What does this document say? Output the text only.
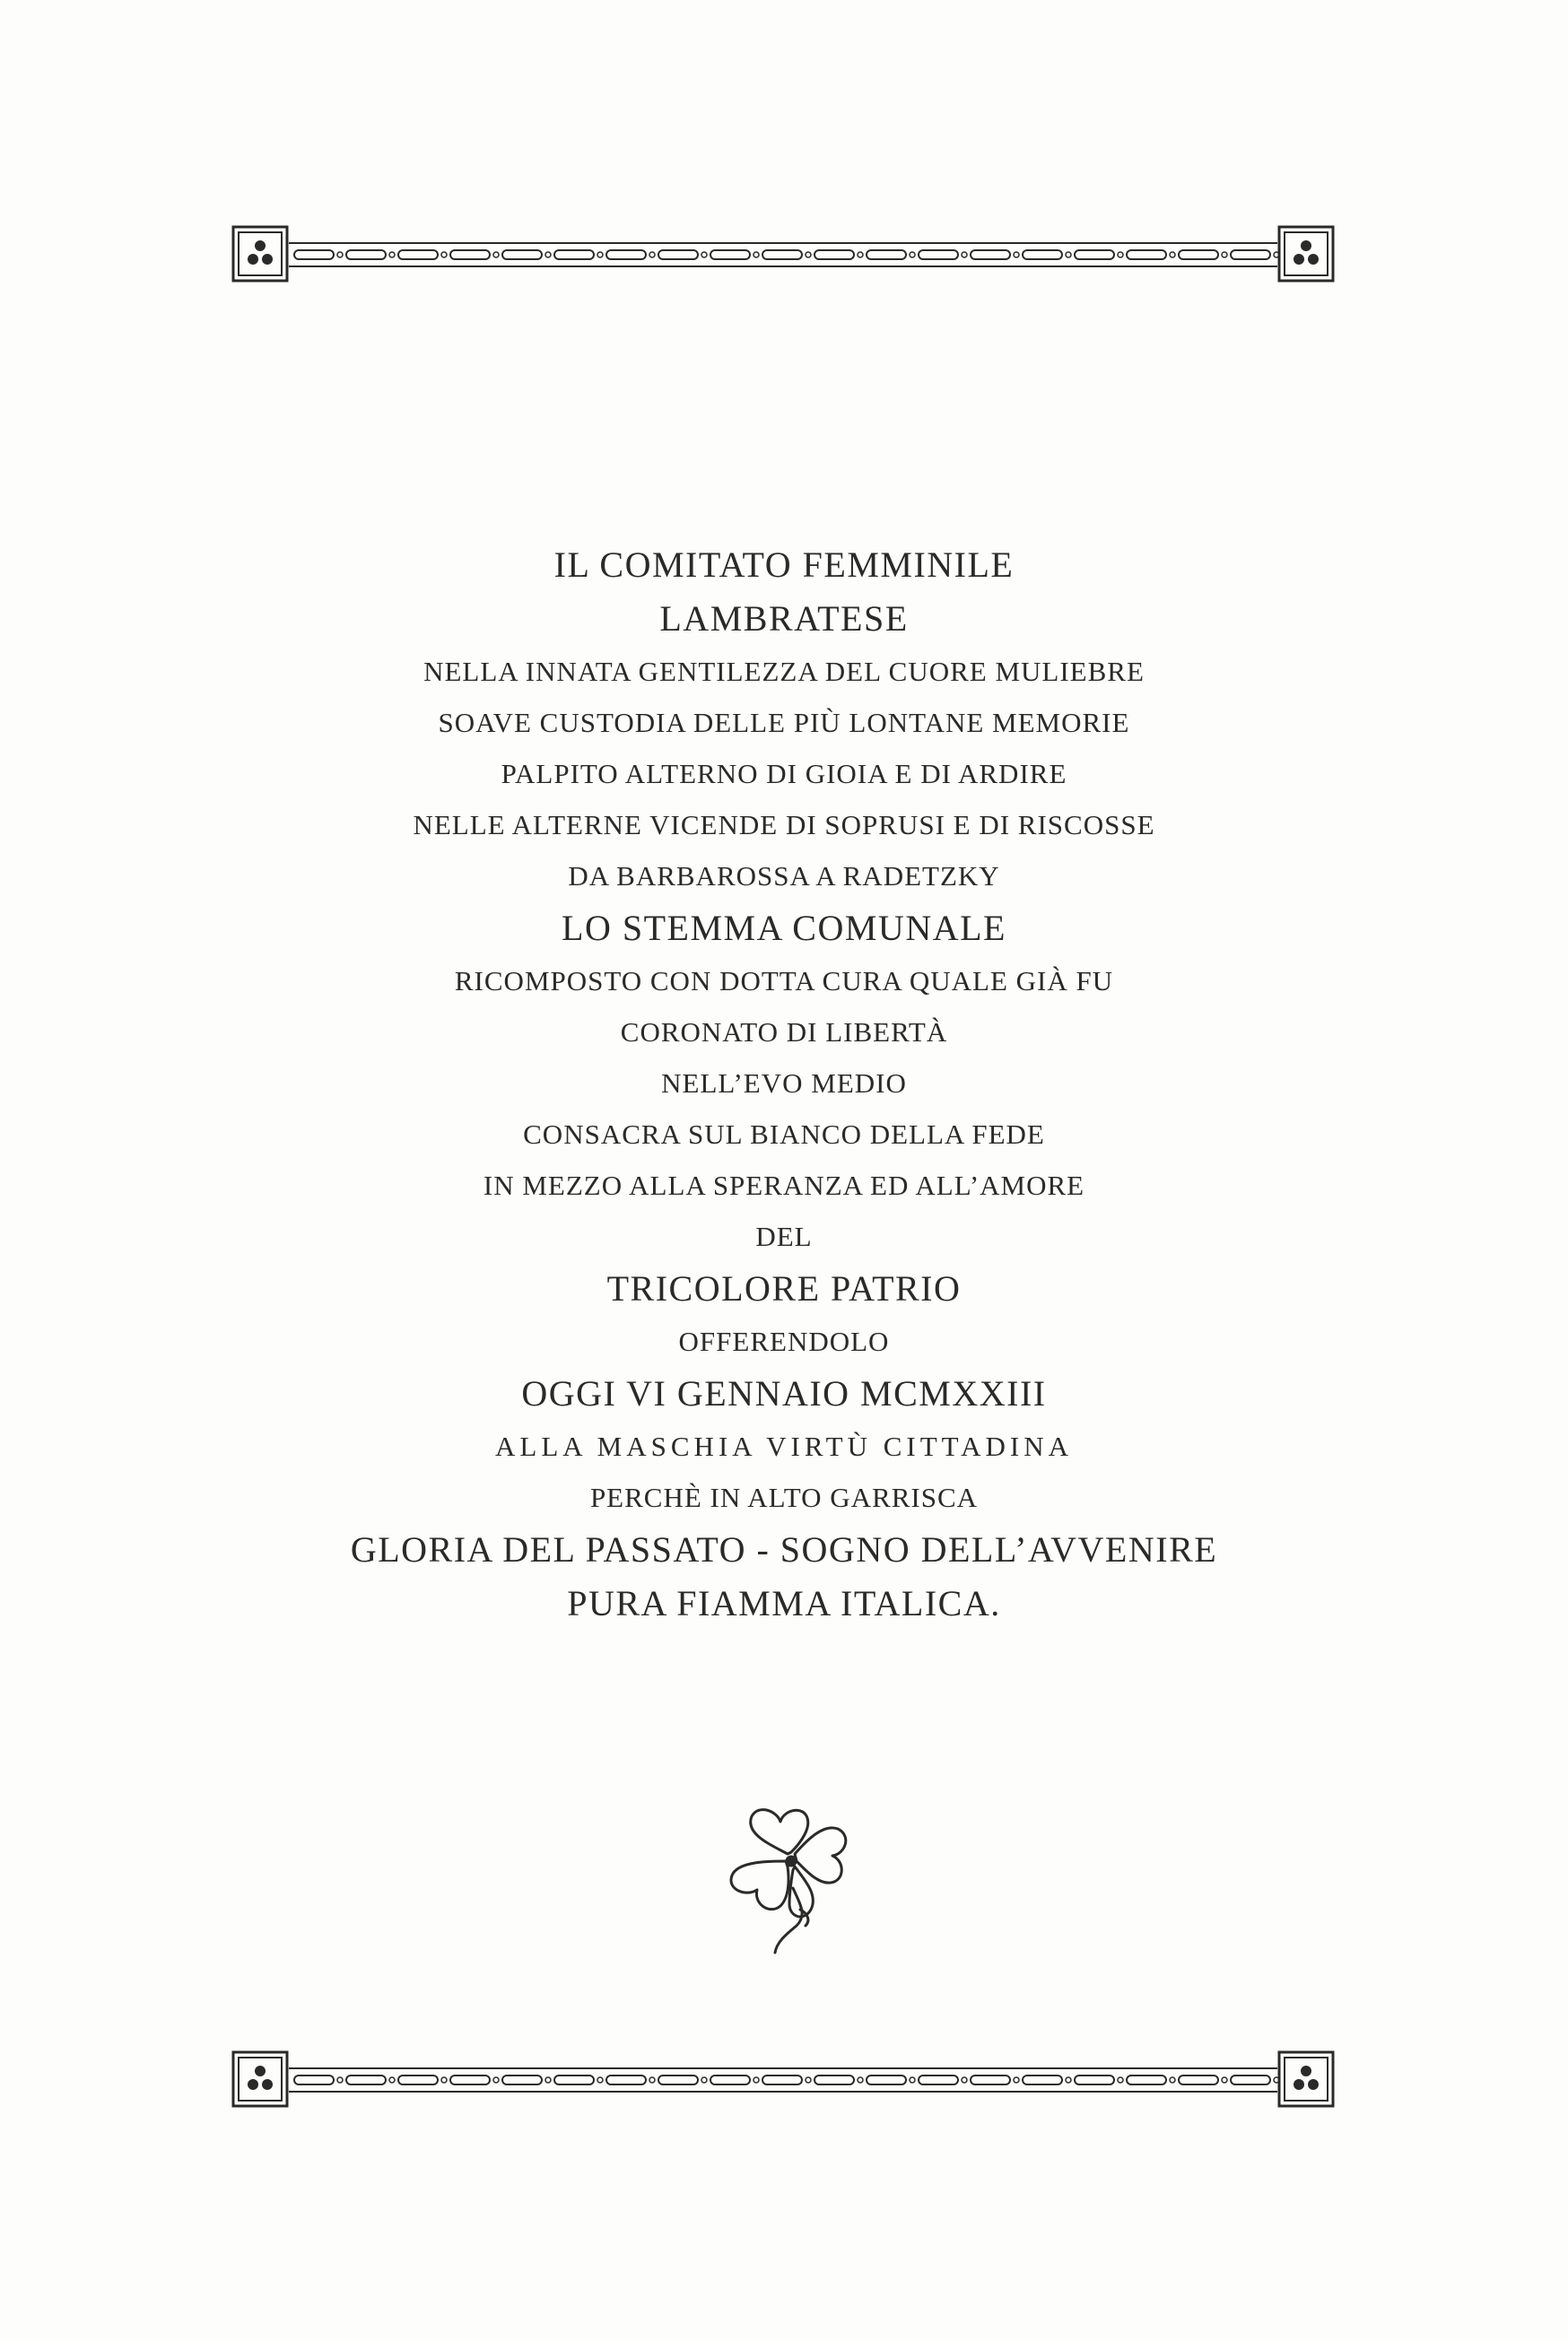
IL COMITATO FEMMINILE
LAMBRATESE
NELLA INNATA GENTILEZZA DEL CUORE MULIEBRE
SOAVE CUSTODIA DELLE PIÙ LONTANE MEMORIE
PALPITO ALTERNO DI GIOIA E DI ARDIRE
NELLE ALTERNE VICENDE DI SOPRUSI E DI RISCOSSE
DA BARBAROSSA A RADETZKY
LO STEMMA COMUNALE
RICOMPOSTO CON DOTTA CURA QUALE GIÀ FU
CORONATO DI LIBERTÀ
NELL’EVO MEDIO
CONSACRA SUL BIANCO DELLA FEDE
IN MEZZO ALLA SPERANZA ED ALL’AMORE
DEL
TRICOLORE PATRIO
OFFERENDOLO
OGGI VI GENNAIO MCMXXIII
ALLA MASCHIA VIRTÙ CITTADINA
PERCHÈ IN ALTO GARRISCA
GLORIA DEL PASSATO - SOGNO DELL’AVVENIRE
PURA FIAMMA ITALICA.
